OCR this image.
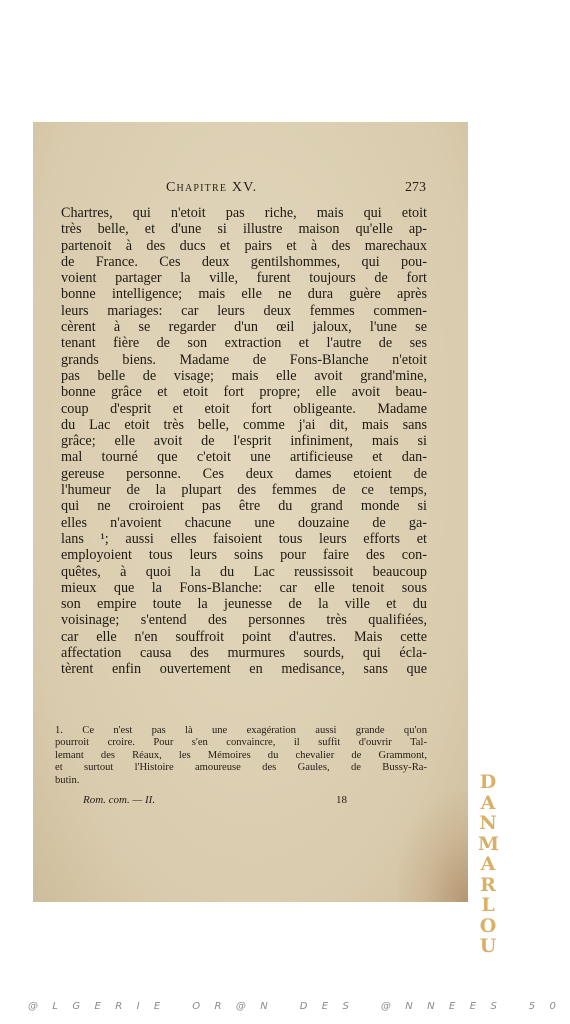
Chapitre XV.	273
Chartres, qui n'etoit pas riche, mais qui etoit
très belle, et d'une si illustre maison qu'elle ap-
partenoit à des ducs et pairs et à des marechaux
de France. Ces deux gentilshommes, qui pou-
voient partager la ville, furent toujours de fort
bonne intelligence; mais elle ne dura guère après
leurs mariages: car leurs deux femmes commen-
cèrent à se regarder d'un œil jaloux, l'une se
tenant fière de son extraction et l'autre de ses
grands biens. Madame de Fons-Blanche n'etoit
pas belle de visage; mais elle avoit grand'mine,
bonne grâce et etoit fort propre; elle avoit beau-
coup d'esprit et etoit fort obligeante. Madame
du Lac etoit très belle, comme j'ai dit, mais sans
grâce; elle avoit de l'esprit infiniment, mais si
mal tourné que c'etoit une artificieuse et dan-
gereuse personne. Ces deux dames etoient de
l'humeur de la plupart des femmes de ce temps,
qui ne croiroient pas être du grand monde si
elles n'avoient chacune une douzaine de ga-
lans ¹; aussi elles faisoient tous leurs efforts et
employoient tous leurs soins pour faire des con-
quêtes, à quoi la du Lac reussissoit beaucoup
mieux que la Fons-Blanche: car elle tenoit sous
son empire toute la jeunesse de la ville et du
voisinage; s'entend des personnes très qualifiées,
car elle n'en souffroit point d'autres. Mais cette
affectation causa des murmures sourds, qui écla-
tèrent enfin ouvertement en medisance, sans que
1. Ce n'est pas là une exagération aussi grande qu'on
pourroit croire. Pour s'en convaincre, il suffit d'ouvrir Tal-
lemant des Réaux, les Mémoires du chevalier de Grammont,
et surtout l'Histoire amoureuse des Gaules, de Bussy-Ra-
butin.
Rom. com. — II.	18
D
A
N
M
A
R
L
O
U
@LGERIE OR@N DES @NNEES 50
